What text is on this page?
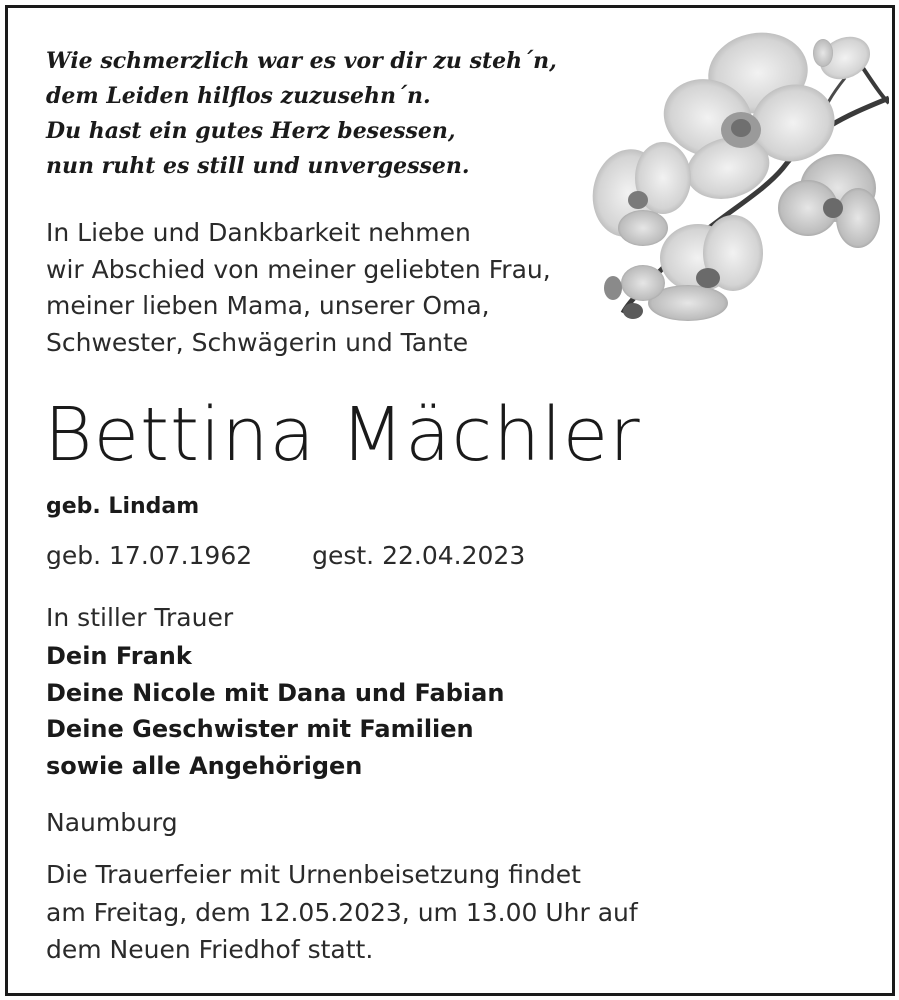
Wie schmerzlich war es vor dir zu steh´n,
dem Leiden hilflos zuzusehn´n.
Du hast ein gutes Herz besessen,
nun ruht es still und unvergessen.
In Liebe und Dankbarkeit nehmen
wir Abschied von meiner geliebten Frau,
meiner lieben Mama, unserer Oma,
Schwester, Schwägerin und Tante
Bettina Mächler
geb. Lindam
geb. 17.07.1962 gest. 22.04.2023
In stiller Trauer
Dein Frank
Deine Nicole mit Dana und Fabian
Deine Geschwister mit Familien
sowie alle Angehörigen
Naumburg
Die Trauerfeier mit Urnenbeisetzung findet
am Freitag, dem 12.05.2023, um 13.00 Uhr auf
dem Neuen Friedhof statt.
